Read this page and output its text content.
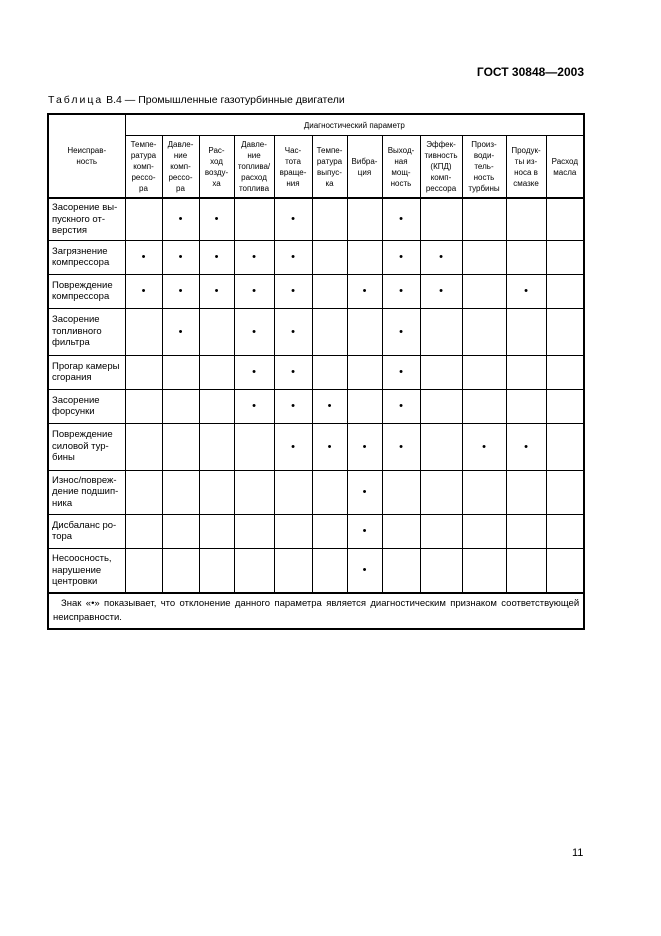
ГОСТ 30848—2003
Таблица В.4 — Промышленные газотурбинные двигатели
Неисправ-
ность	Диагностический параметр											
	Темпе-
ратура
комп-
рессо-
ра	Давле-
ние
комп-
рессо-
ра	Рас-
ход
возду-
ха	Давле-
ние
топлива/
расход
топлива	Час-
тота
враще-
ния	Темпе-
ратура
выпус-
ка	Вибра-
ция	Выход-
ная
мощ-
ность	Эффек-
тивность
(КПД)
комп-
рессора	Произ-
води-
тель-
ность
турбины	Продук-
ты из-
носа в
смазке	Расход
масла
Засорение вы-
пускного от-
верстия		•	•		•			•				
Загрязнение
компрессора	•	•	•	•	•			•	•			
Повреждение
компрессора	•	•	•	•	•		•	•	•		•	
Засорение
топливного
фильтра		•		•	•			•				
Прогар камеры
сгорания				•	•			•				
Засорение
форсунки				•	•	•		•				
Повреждение
силовой тур-
бины					•	•	•	•		•	•	
Износ/повреж-
дение подшип-
ника							•					
Дисбаланс ро-
тора							•					
Несоосность,
нарушение
центровки							•					
Знак «•» показывает, что отклонение данного параметра является диагностическим признаком соответствующей неисправности.												
11
